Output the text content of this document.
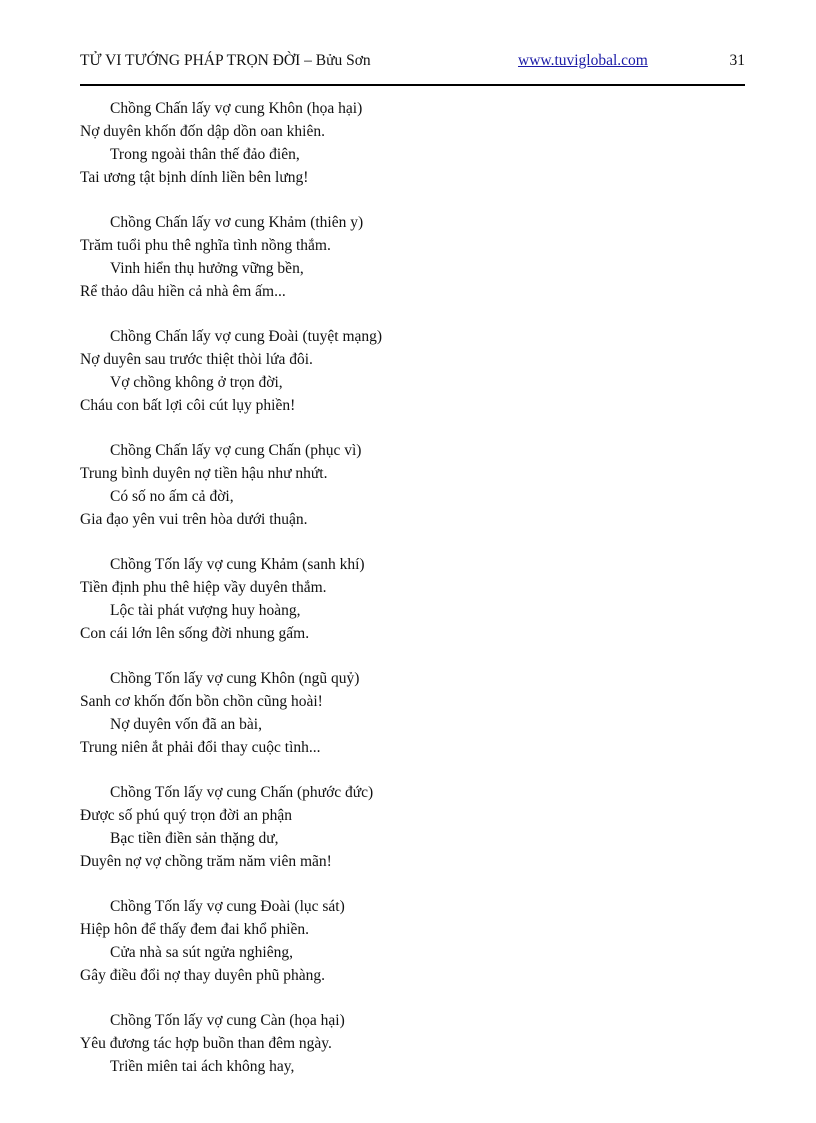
TỬ VI TƯỚNG PHÁP TRỌN ĐỜI – Bửu Sơn	www.tuviglobal.com	31
Chồng Chấn lấy vợ cung Khôn (họa hại)
Nợ duyên khốn đốn dập dồn oan khiên.
Trong ngoài thân thế đảo điên,
Tai ương tật bịnh dính liền bên lưng!
Chồng Chấn lấy vơ cung Khảm (thiên y)
Trăm tuổi phu thê nghĩa tình nồng thắm.
Vinh hiển thụ hưởng vững bền,
Rể thảo dâu hiền cả nhà êm ấm...
Chồng Chấn lấy vợ cung Đoài (tuyệt mạng)
Nợ duyên sau trước thiệt thòi lứa đôi.
Vợ chồng không ở trọn đời,
Cháu con bất lợi côi cút lụy phiền!
Chồng Chấn lấy vợ cung Chấn (phục vì)
Trung bình duyên nợ tiền hậu như nhứt.
Có số no ấm cả đời,
Gia đạo yên vui trên hòa dưới thuận.
Chồng Tốn lấy vợ cung Khảm (sanh khí)
Tiền định phu thê hiệp vầy duyên thắm.
Lộc tài phát vượng huy hoàng,
Con cái lớn lên sống đời nhung gấm.
Chồng Tốn lấy vợ cung Khôn (ngũ quỷ)
Sanh cơ khốn đốn bồn chồn cũng hoài!
Nợ duyên vốn đã an bài,
Trung niên ắt phải đổi thay cuộc tình...
Chồng Tốn lấy vợ cung Chấn (phước đức)
Được số phú quý trọn đời an phận
Bạc tiền điền sản thặng dư,
Duyên nợ vợ chồng trăm năm viên mãn!
Chồng Tốn lấy vợ cung Đoài (lục sát)
Hiệp hôn để thấy đem đai khổ phiền.
Cửa nhà sa sút ngửa nghiêng,
Gây điều đổi nợ thay duyên phũ phàng.
Chồng Tốn lấy vợ cung Càn (họa hại)
Yêu đương tác hợp buồn than đêm ngày.
Triền miên tai ách không hay,
